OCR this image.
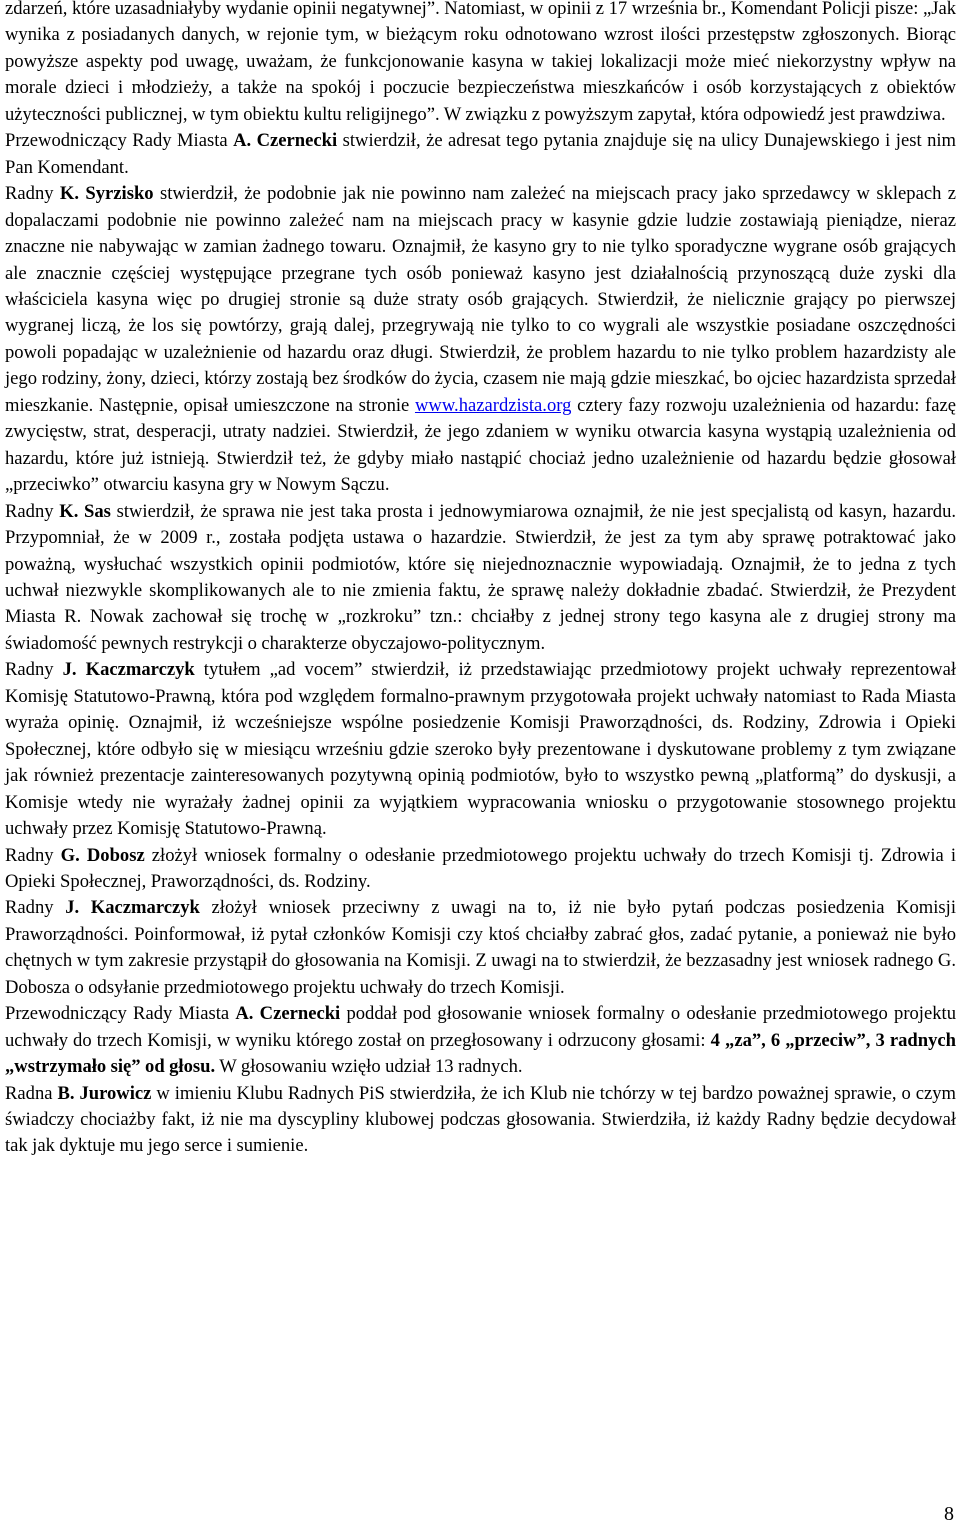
zdarzeń, które uzasadniałyby wydanie opinii negatywnej”. Natomiast, w opinii z 17 września br., Komendant Policji pisze: „Jak wynika z posiadanych danych, w rejonie tym, w bieżącym roku odnotowano wzrost ilości przestępstw zgłoszonych. Biorąc powyższe aspekty pod uwagę, uważam, że funkcjonowanie kasyna w takiej lokalizacji może mieć niekorzystny wpływ na morale dzieci i młodzieży, a także na spokój i poczucie bezpieczeństwa mieszkańców i osób korzystających z obiektów użyteczności publicznej, w tym obiektu kultu religijnego”. W związku z powyższym zapytał, która odpowiedź jest prawdziwa.

Przewodniczący Rady Miasta A. Czernecki stwierdził, że adresat tego pytania znajduje się na ulicy Dunajewskiego i jest nim Pan Komendant.

Radny K. Syrzisko stwierdził, że podobnie jak nie powinno nam zależeć na miejscach pracy jako sprzedawcy w sklepach z dopalaczami podobnie nie powinno zależeć nam na miejscach pracy w kasynie gdzie ludzie zostawiają pieniądze, nieraz znaczne nie nabywając w zamian żadnego towaru. Oznajmił, że kasyno gry to nie tylko sporadyczne wygrane osób grających ale znacznie częściej występujące przegrane tych osób ponieważ kasyno jest działalnością przynoszącą duże zyski dla właściciela kasyna więc po drugiej stronie są duże straty osób grających. Stwierdził, że nielicznie grający po pierwszej wygranej liczą, że los się powtórzy, grają dalej, przegrywają nie tylko to co wygrali ale wszystkie posiadane oszczędności powoli popadając w uzależnienie od hazardu oraz długi. Stwierdził, że problem hazardu to nie tylko problem hazardzisty ale jego rodziny, żony, dzieci, którzy zostają bez środków do życia, czasem nie mają gdzie mieszkać, bo ojciec hazardzista sprzedał mieszkanie. Następnie, opisał umieszczone na stronie www.hazardzista.org cztery fazy rozwoju uzależnienia od hazardu: fazę zwycięstw, strat, desperacji, utraty nadziei. Stwierdził, że jego zdaniem w wyniku otwarcia kasyna wystąpią uzależnienia od hazardu, które już istnieją. Stwierdził też, że gdyby miało nastąpić chociaż jedno uzależnienie od hazardu będzie głosował „przeciwko” otwarciu kasyna gry w Nowym Sączu.

Radny K. Sas stwierdził, że sprawa nie jest taka prosta i jednowymiarowa oznajmił, że nie jest specjalistą od kasyn, hazardu. Przypomniał, że w 2009 r., została podjęta ustawa o hazardzie. Stwierdził, że jest za tym aby sprawę potraktować jako poważną, wysłuchać wszystkich opinii podmiotów, które się niejednoznacznie wypowiadają. Oznajmił, że to jedna z tych uchwał niezwykle skomplikowanych ale to nie zmienia faktu, że sprawę należy dokładnie zbadać. Stwierdził, że Prezydent Miasta R. Nowak zachował się trochę w „rozkroku” tzn.: chciałby z jednej strony tego kasyna ale z drugiej strony ma świadomość pewnych restrykcji o charakterze obyczajowo-politycznym.

Radny J. Kaczmarczyk tytułem „ad vocem” stwierdził, iż przedstawiając przedmiotowy projekt uchwały reprezentował Komisję Statutowo-Prawną, która pod względem formalno-prawnym przygotowała projekt uchwały natomiast to Rada Miasta wyraża opinię. Oznajmił, iż wcześniejsze wspólne posiedzenie Komisji Praworządności, ds. Rodziny, Zdrowia i Opieki Społecznej, które odbyło się w miesiącu wrześniu gdzie szeroko były prezentowane i dyskutowane problemy z tym związane jak również prezentacje zainteresowanych pozytywną opinią podmiotów, było to wszystko pewną „platformą” do dyskusji, a Komisje wtedy nie wyrażały żadnej opinii za wyjątkiem wypracowania wniosku o przygotowanie stosownego projektu uchwały przez Komisję Statutowo-Prawną.

Radny G. Dobosz złożył wniosek formalny o odesłanie przedmiotowego projektu uchwały do trzech Komisji tj. Zdrowia i Opieki Społecznej, Praworządności, ds. Rodziny.

Radny J. Kaczmarczyk złożył wniosek przeciwny z uwagi na to, iż nie było pytań podczas posiedzenia Komisji Praworządności. Poinformował, iż pytał członków Komisji czy ktoś chciałby zabrać głos, zadać pytanie, a ponieważ nie było chętnych w tym zakresie przystąpił do głosowania na Komisji. Z uwagi na to stwierdził, że bezzasadny jest wniosek radnego G. Dobosza o odsyłanie przedmiotowego projektu uchwały do trzech Komisji.

Przewodniczący Rady Miasta A. Czernecki poddał pod głosowanie wniosek formalny o odesłanie przedmiotowego projektu uchwały do trzech Komisji, w wyniku którego został on przegłosowany i odrzucony głosami: 4 „za”, 6 „przeciw”, 3 radnych „wstrzymało się” od głosu. W głosowaniu wzięło udział 13 radnych.

Radna B. Jurowicz w imieniu Klubu Radnych PiS stwierdziła, że ich Klub nie tchórzy w tej bardzo poważnej sprawie, o czym świadczy chociażby fakt, iż nie ma dyscypliny klubowej podczas głosowania. Stwierdziła, iż każdy Radny będzie decydował tak jak dyktuje mu jego serce i sumienie.

8
